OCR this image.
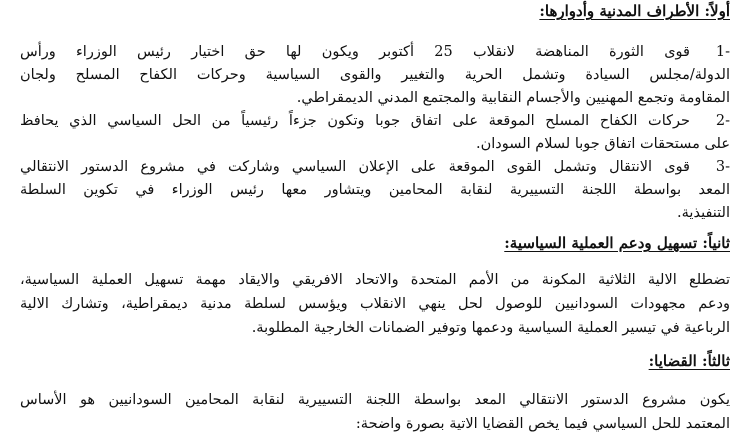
أولاً: الأطراف المدنية وأدوارها:
-1

قوى الثورة المناهضة لانقلاب 25 أكتوبر ويكون لها حق اختيار رئيس الوزراء ورأس

الدولة/مجلس السيادة وتشمل الحرية والتغيير والقوى السياسية وحركات الكفاح المسلح ولجان

المقاومة وتجمع المهنيين والأجسام النقابية والمجتمع المدني الديمقراطي.

-2

حركات الكفاح المسلح الموقعة على اتفاق جوبا وتكون جزءاً رئيسياً من الحل السياسي الذي يحافظ

على مستحقات اتفاق جوبا لسلام السودان.

-3

قوى الانتقال وتشمل القوى الموقعة على الإعلان السياسي وشاركت في مشروع الدستور الانتقالي

المعد بواسطة اللجنة التسييرية لنقابة المحامين ويتشاور معها رئيس الوزراء في تكوين السلطة

التنفيذية.

ثانياً: تسهيل ودعم العملية السياسية:

تضطلع الالية الثلاثية المكونة من الأمم المتحدة والاتحاد الافريقي والايقاد مهمة تسهيل العملية السياسية،

ودعم مجهودات السودانيين للوصول لحل ينهي الانقلاب ويؤسس لسلطة مدنية ديمقراطية، وتشارك الالية

الرباعية في تيسير العملية السياسية ودعمها وتوفير الضمانات الخارجية المطلوبة.

ثالثاً: القضايا:

يكون مشروع الدستور الانتقالي المعد بواسطة اللجنة التسييرية لنقابة المحامين السودانيين هو الأساس

المعتمد للحل السياسي فيما يخص القضايا الاتية بصورة واضحة:
